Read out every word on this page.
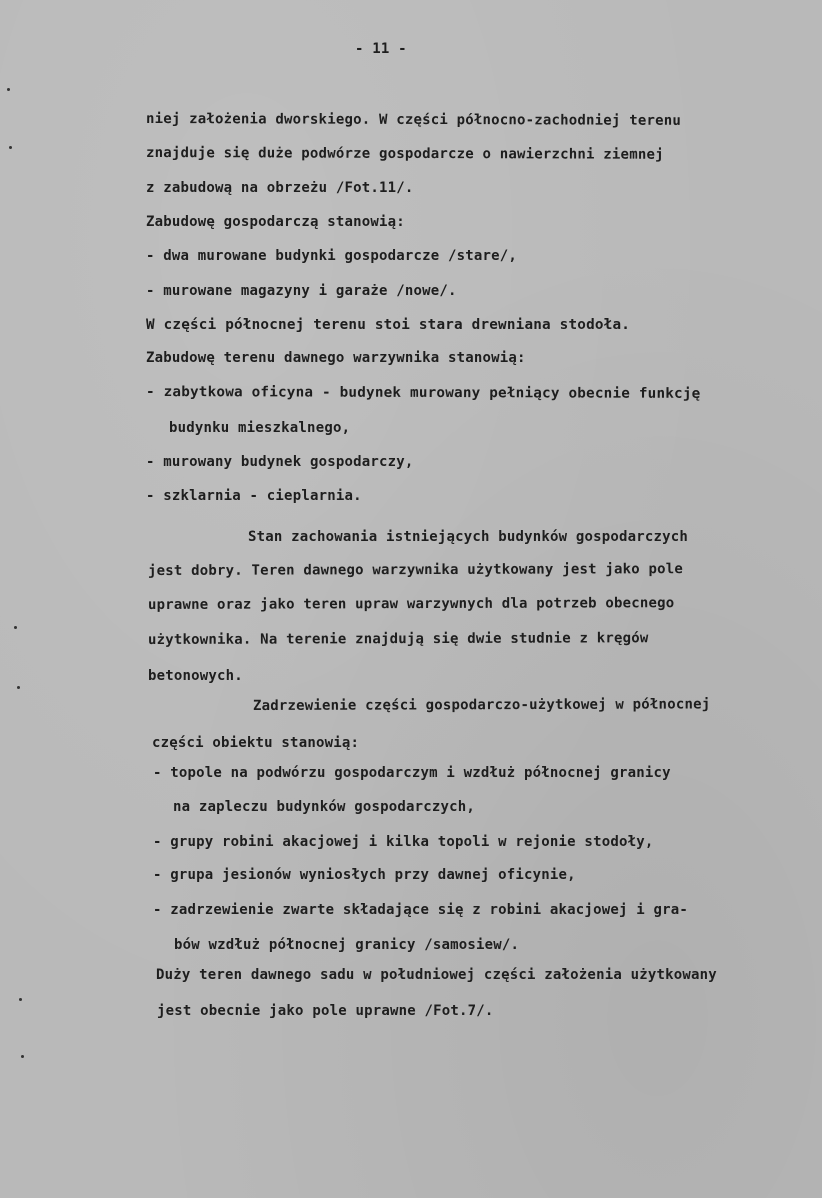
- 11 -
niej założenia dworskiego. W części północno-zachodniej terenu
znajduje się duże podwórze gospodarcze o nawierzchni ziemnej
z zabudową na obrzeżu /Fot.11/.
Zabudowę gospodarczą stanowią:
- dwa murowane budynki gospodarcze /stare/,
- murowane magazyny i garaże /nowe/.
W części północnej terenu stoi stara drewniana stodoła.
Zabudowę terenu dawnego warzywnika stanowią:
- zabytkowa oficyna - budynek murowany pełniący obecnie funkcję
budynku mieszkalnego,
- murowany budynek gospodarczy,
- szklarnia - cieplarnia.
Stan zachowania istniejących budynków gospodarczych
jest dobry. Teren dawnego warzywnika użytkowany jest jako pole
uprawne oraz jako teren upraw warzywnych dla potrzeb obecnego
użytkownika. Na terenie znajdują się dwie studnie z kręgów
betonowych.
Zadrzewienie części gospodarczo-użytkowej w północnej
części obiektu stanowią:
- topole na podwórzu gospodarczym i wzdłuż północnej granicy
na zapleczu budynków gospodarczych,
- grupy robini akacjowej i kilka topoli w rejonie stodoły,
- grupa jesionów wyniosłych przy dawnej oficynie,
- zadrzewienie zwarte składające się z robini akacjowej i gra-
bów wzdłuż północnej granicy /samosiew/.
Duży teren dawnego sadu w południowej części założenia użytkowany
jest obecnie jako pole uprawne /Fot.7/.
